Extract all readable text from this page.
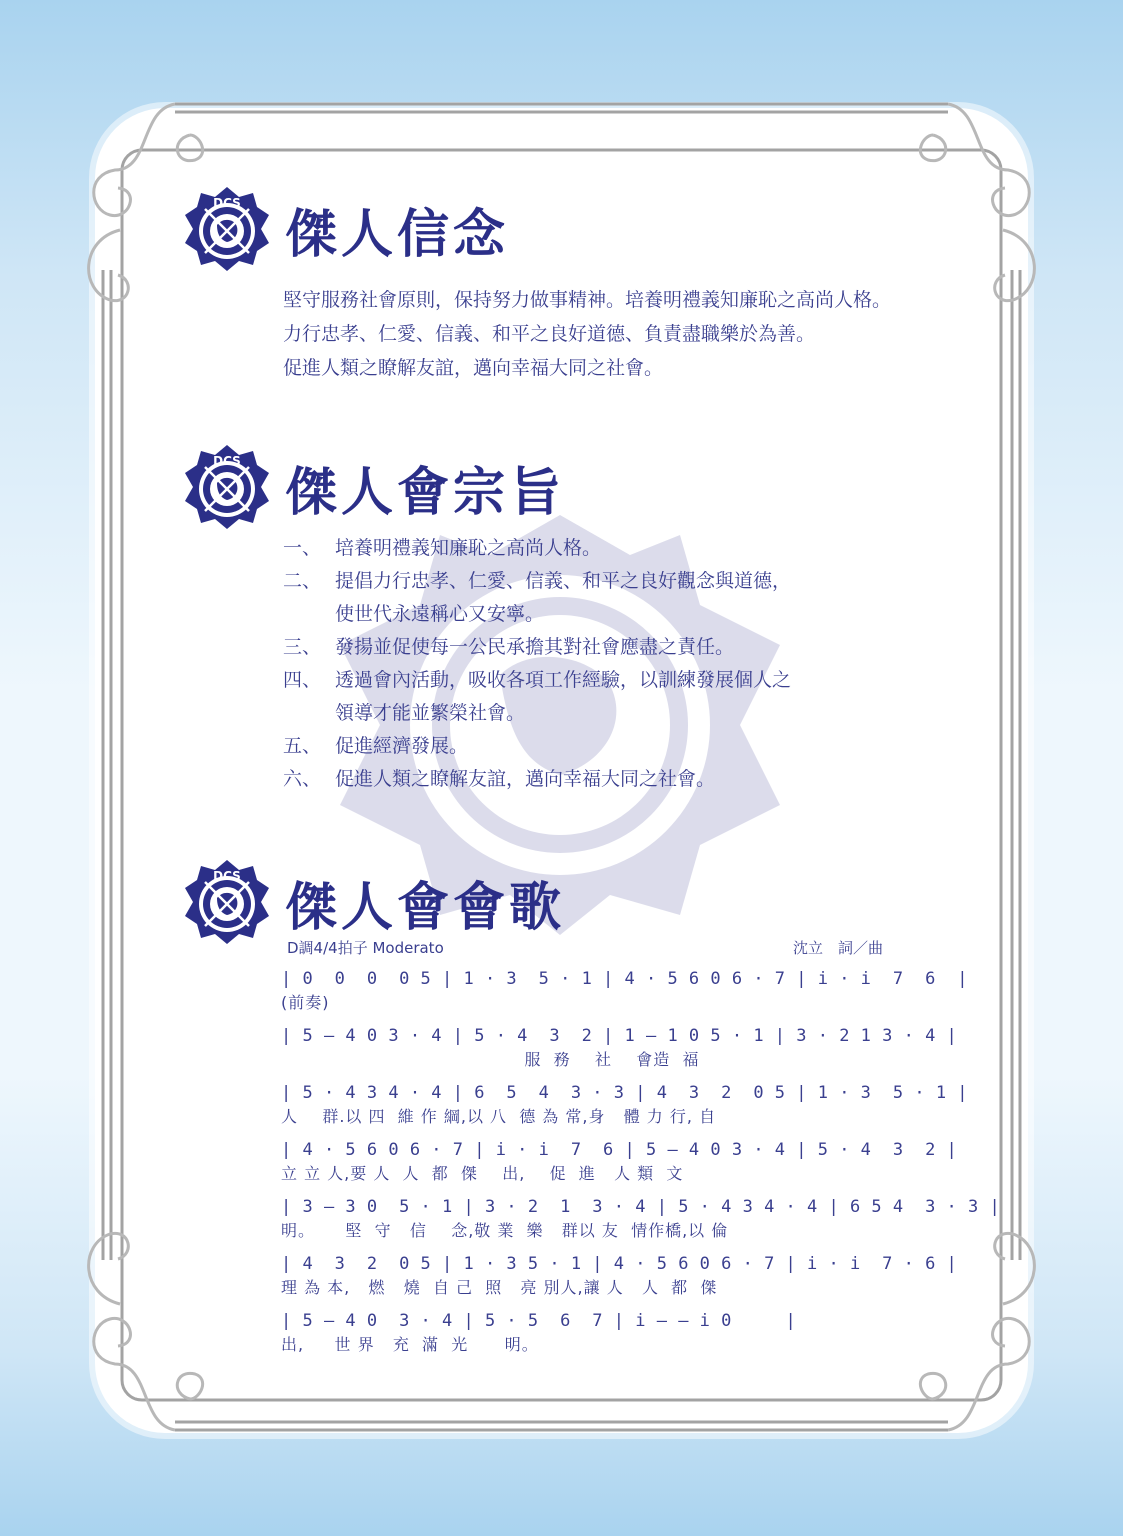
DCS
傑人信念

堅守服務社會原則，保持努力做事精神。培養明禮義知廉恥之高尚人格。

力行忠孝、仁愛、信義、和平之良好道德、負責盡職樂於為善。

促進人類之瞭解友誼，邁向幸福大同之社會。

DCS
傑人會宗旨
一、 培養明禮義知廉恥之高尚人格。

二、 提倡力行忠孝、仁愛、信義、和平之良好觀念與道德，

使世代永遠稱心又安寧。

三、 發揚並促使每一公民承擔其對社會應盡之責任。

四、 透過會內活動，吸收各項工作經驗，以訓練發展個人之

領導才能並繁榮社會。

五、 促進經濟發展。

六、 促進人類之瞭解友誼，邁向幸福大同之社會。

DCS
傑人會會歌
D調4/4拍子 Moderato	沈立　詞／曲
| 0  0  0  0 5 | 1 · 3  5 · 1 | 4 · 5 6 0 6 · 7 | i · i  7  6  |
(前奏)
| 5 — 4 0 3 · 4 | 5 · 4  3  2 | 1 — 1 0 5 · 1 | 3 · 2 1 3 · 4 |
服  務    社    會造  福
| 5 · 4 3 4 · 4 | 6  5  4  3 · 3 | 4  3  2  0 5 | 1 · 3  5 · 1 |
人    群.以 四  維 作 綱,以 八  德 為 常,身   體 力 行, 自
| 4 · 5 6 0 6 · 7 | i · i  7  6 | 5 — 4 0 3 · 4 | 5 · 4  3  2 |
立 立 人,要 人  人  都  傑    出,    促  進   人 類  文
| 3 — 3 0  5 · 1 | 3 · 2  1  3 · 4 | 5 · 4 3 4 · 4 | 6 5 4  3 · 3 |
明。     堅  守   信    念,敬 業  樂   群以 友  情作橋,以 倫
| 4  3  2  0 5 | 1 · 3 5 · 1 | 4 · 5 6 0 6 · 7 | i · i  7 · 6 |
理 為 本,   燃   燒  自 己  照   亮 別人,讓 人   人  都  傑
| 5 — 4 0  3 · 4 | 5 · 5  6  7 | i — — i 0     |
出,     世 界   充  滿  光      明。
